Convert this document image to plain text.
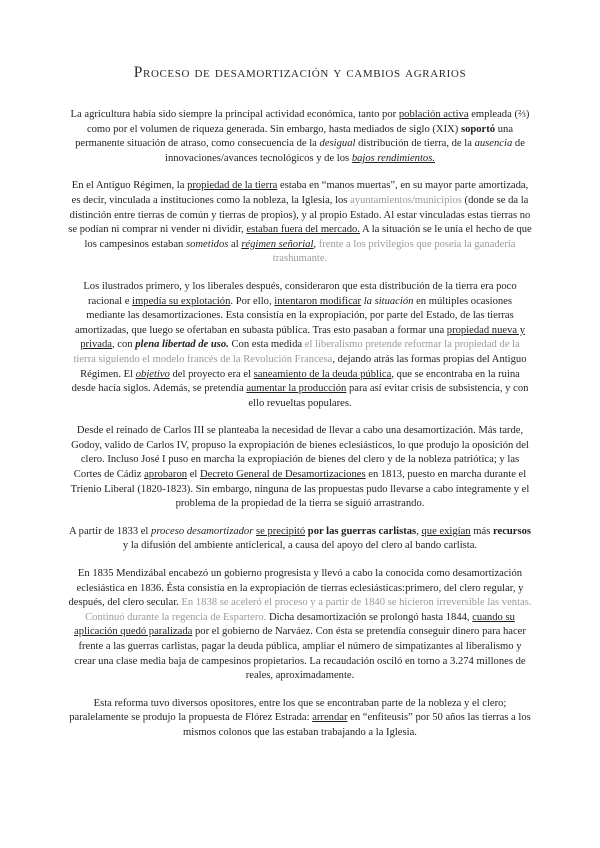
Proceso de desamortización y cambios agrarios

La agricultura había sido siempre la principal actividad económica, tanto por población activa empleada (⅔) como por el volumen de riqueza generada. Sin embargo, hasta mediados de siglo (XIX) soportó una permanente situación de atraso, como consecuencia de la desigual distribución de tierra, de la ausencia de innovaciones/avances tecnológicos y de los bajos rendimientos.

En el Antiguo Régimen, la propiedad de la tierra estaba en “manos muertas”, en su mayor parte amortizada, es decir, vinculada a instituciones como la nobleza, la Iglesia, los ayuntamientos/municipios (donde se da la distinción entre tierras de común y tierras de propios), y al propio Estado. Al estar vinculadas estas tierras no se podían ni comprar ni vender ni dividir, estaban fuera del mercado. A la situación se le unía el hecho de que los campesinos estaban sometidos al régimen señorial, frente a los privilegios que poseía la ganadería trashumante.

Los ilustrados primero, y los liberales después, consideraron que esta distribución de la tierra era poco racional e impedía su explotación. Por ello, intentaron modificar la situación en múltiples ocasiones mediante las desamortizaciones. Esta consistía en la expropiación, por parte del Estado, de las tierras amortizadas, que luego se ofertaban en subasta pública. Tras esto pasaban a formar una propiedad nueva y privada, con plena libertad de uso. Con esta medida el liberalismo pretende reformar la propiedad de la tierra siguiendo el modelo francés de la Revolución Francesa, dejando atrás las formas propias del Antiguo Régimen. El objetivo del proyecto era el saneamiento de la deuda pública, que se encontraba en la ruina desde hacía siglos. Además, se pretendía aumentar la producción para así evitar crisis de subsistencia, y con ello revueltas populares.

Desde el reinado de Carlos III se planteaba la necesidad de llevar a cabo una desamortización. Más tarde, Godoy, valido de Carlos IV, propuso la expropiación de bienes eclesiásticos, lo que produjo la oposición del clero. Incluso José I puso en marcha la expropiación de bienes del clero y de la nobleza patriótica; y las Cortes de Cádiz aprobaron el Decreto General de Desamortizaciones en 1813, puesto en marcha durante el Trienio Liberal (1820-1823). Sin embargo, ninguna de las propuestas pudo llevarse a cabo íntegramente y el problema de la propiedad de la tierra se siguió arrastrando.

A partir de 1833 el proceso desamortizador se precipitó por las guerras carlistas, que exigían más recursos y la difusión del ambiente anticlerical, a causa del apoyo del clero al bando carlista.

En 1835 Mendizábal encabezó un gobierno progresista y llevó a cabo la conocida como desamortización eclesiástica en 1836. Ésta consistía en la expropiación de tierras eclesiásticas:primero, del clero regular, y después, del clero secular. En 1838 se aceleró el proceso y a partir de 1840 se hicieron irreversible las ventas. Continuó durante la regencia de Espartero. Dicha desamortización se prolongó hasta 1844, cuando su aplicación quedó paralizada por el gobierno de Narváez. Con ésta se pretendía conseguir dinero para hacer frente a las guerras carlistas, pagar la deuda pública, ampliar el número de simpatizantes al liberalismo y crear una clase media baja de campesinos propietarios. La recaudación osciló en torno a 3.274 millones de reales, aproximadamente.

Esta reforma tuvo diversos opositores, entre los que se encontraban parte de la nobleza y el clero; paralelamente se produjo la propuesta de Flórez Estrada: arrendar en “enfiteusis” por 50 años las tierras a los mismos colonos que las estaban trabajando a la Iglesia.
